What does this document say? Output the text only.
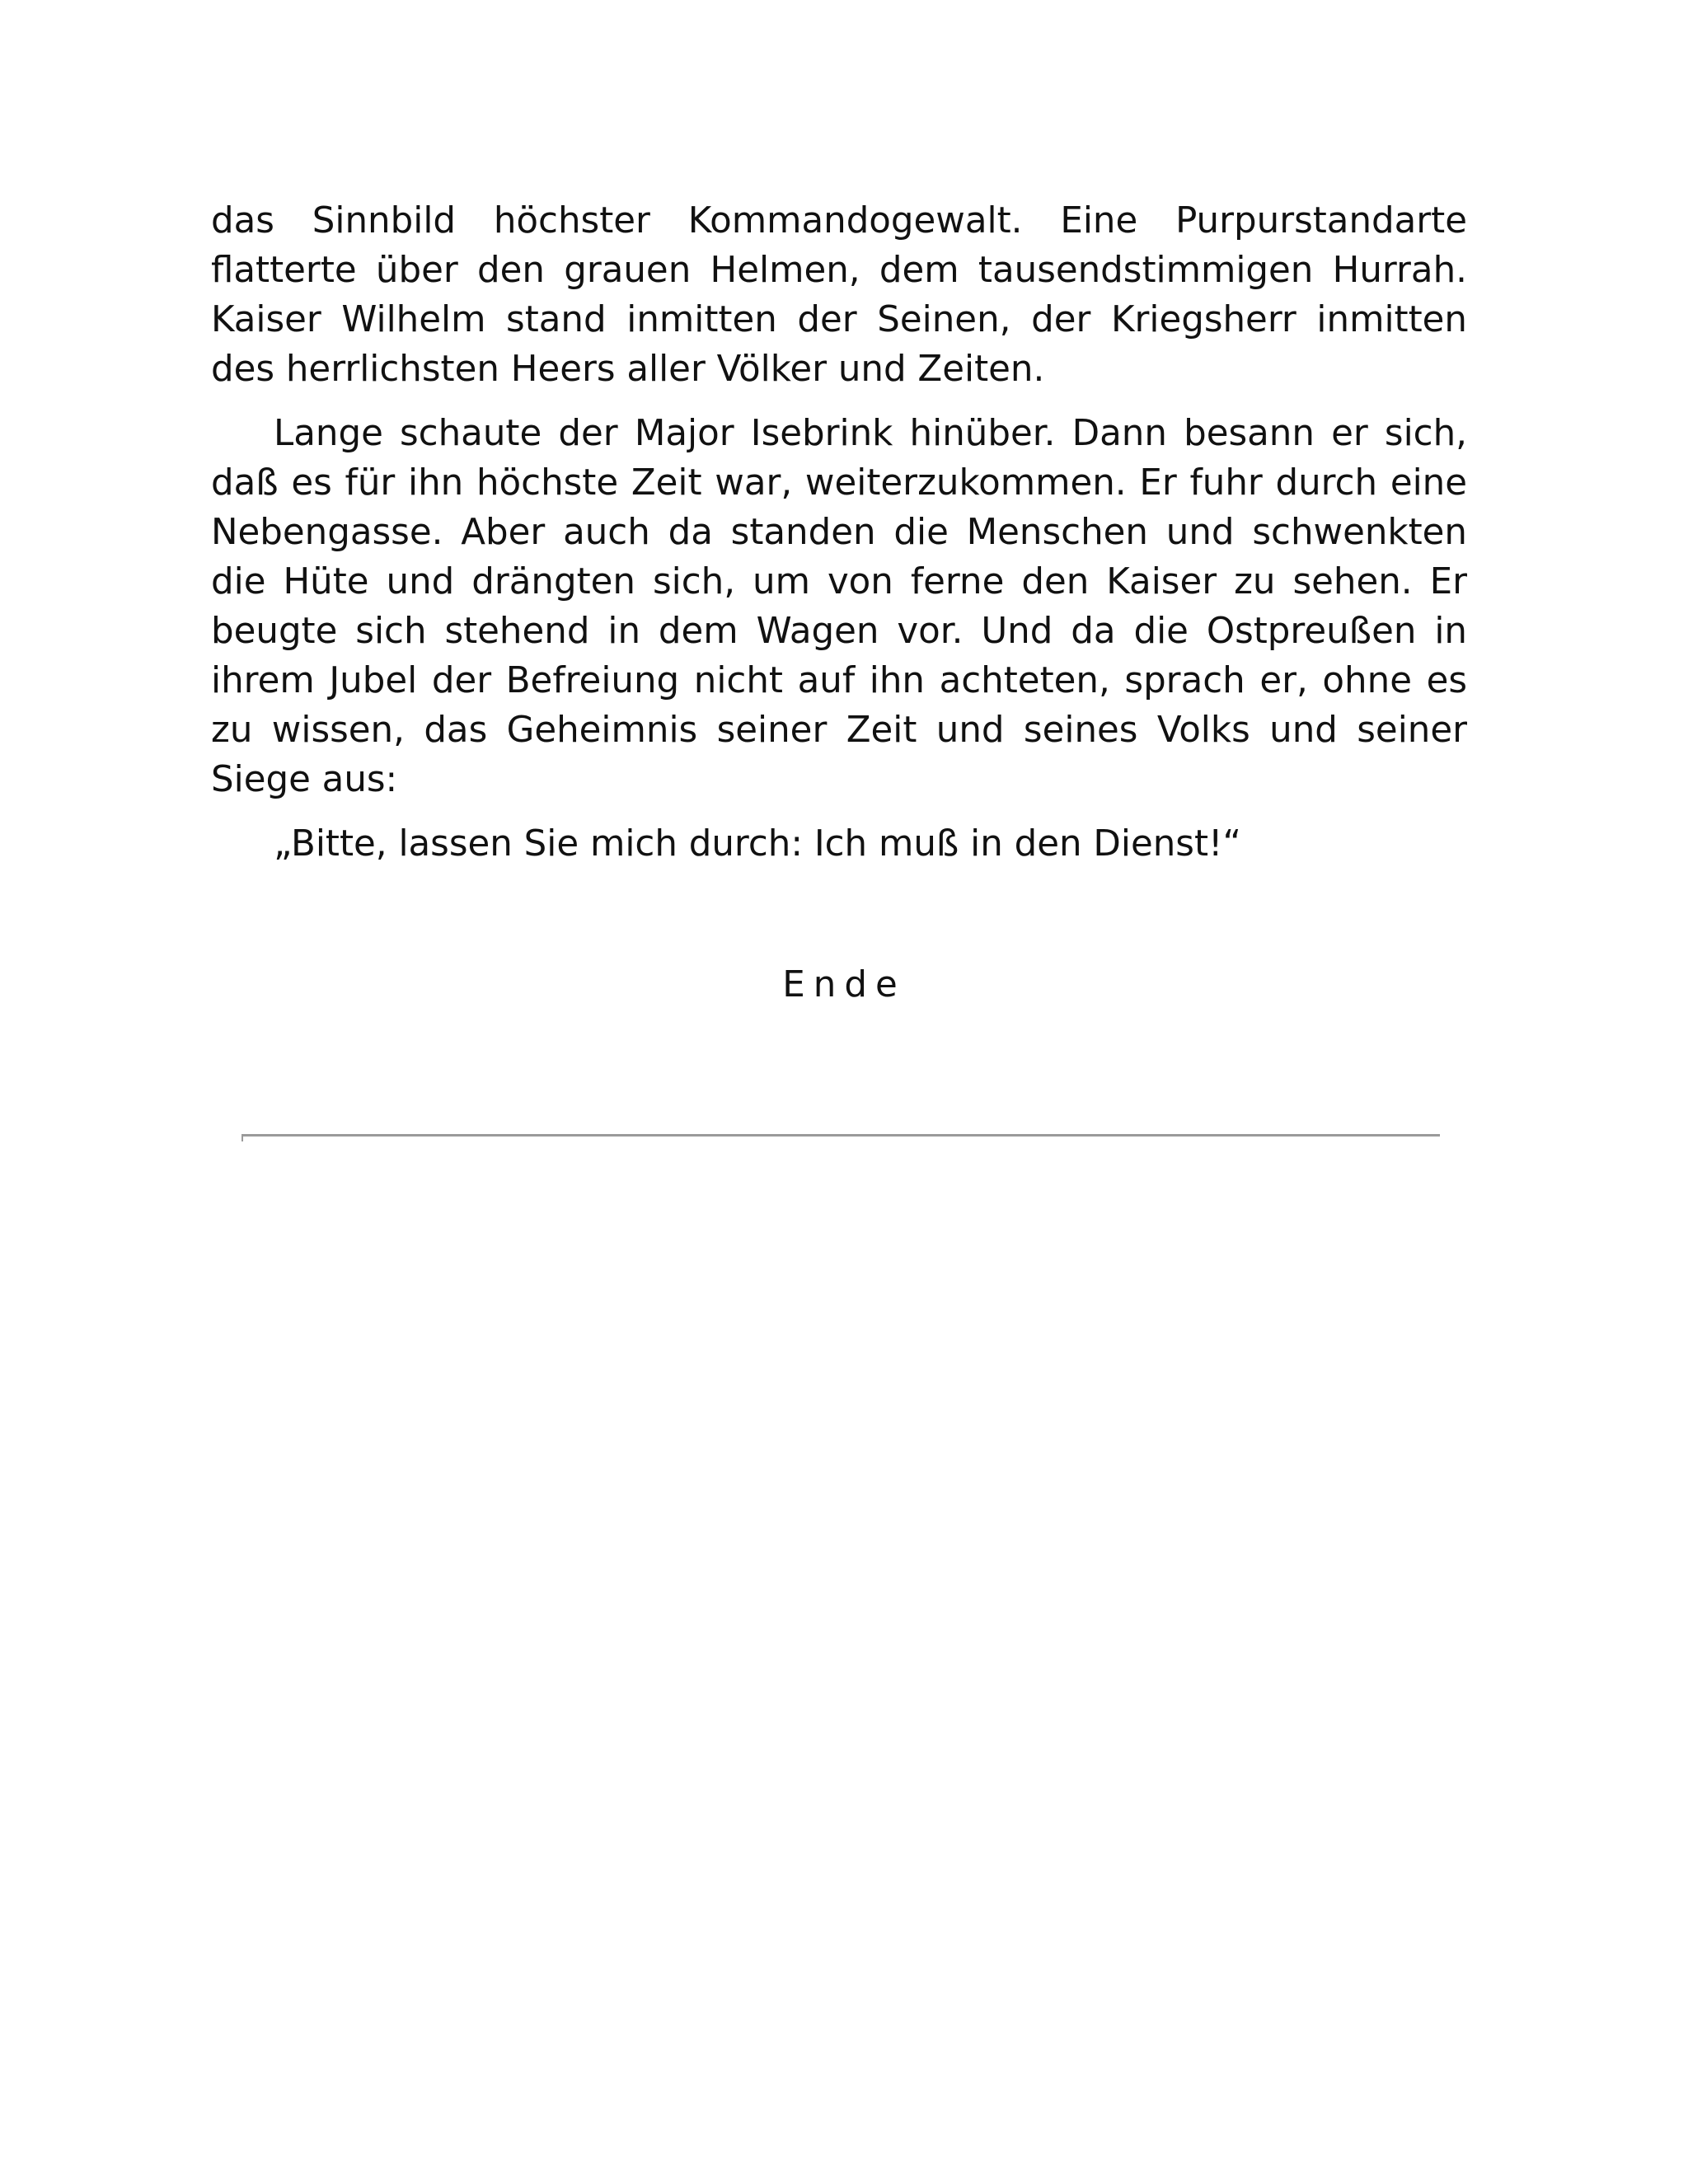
das Sinnbild höchster Kommandogewalt. Eine Purpurstandarte flatterte über den grauen Helmen, dem tausendstimmigen Hurrah. Kaiser Wilhelm stand inmitten der Seinen, der Kriegsherr inmitten des herrlichsten Heers aller Völker und Zeiten.

Lange schaute der Major Isebrink hinüber. Dann besann er sich, daß es für ihn höchste Zeit war, weiterzukommen. Er fuhr durch eine Nebengasse. Aber auch da standen die Menschen und schwenkten die Hüte und drängten sich, um von ferne den Kaiser zu sehen. Er beugte sich stehend in dem Wagen vor. Und da die Ostpreußen in ihrem Jubel der Befreiung nicht auf ihn achteten, sprach er, ohne es zu wissen, das Geheimnis seiner Zeit und seines Volks und seiner Siege aus:

„Bitte, lassen Sie mich durch: Ich muß in den Dienst!“

Ende
